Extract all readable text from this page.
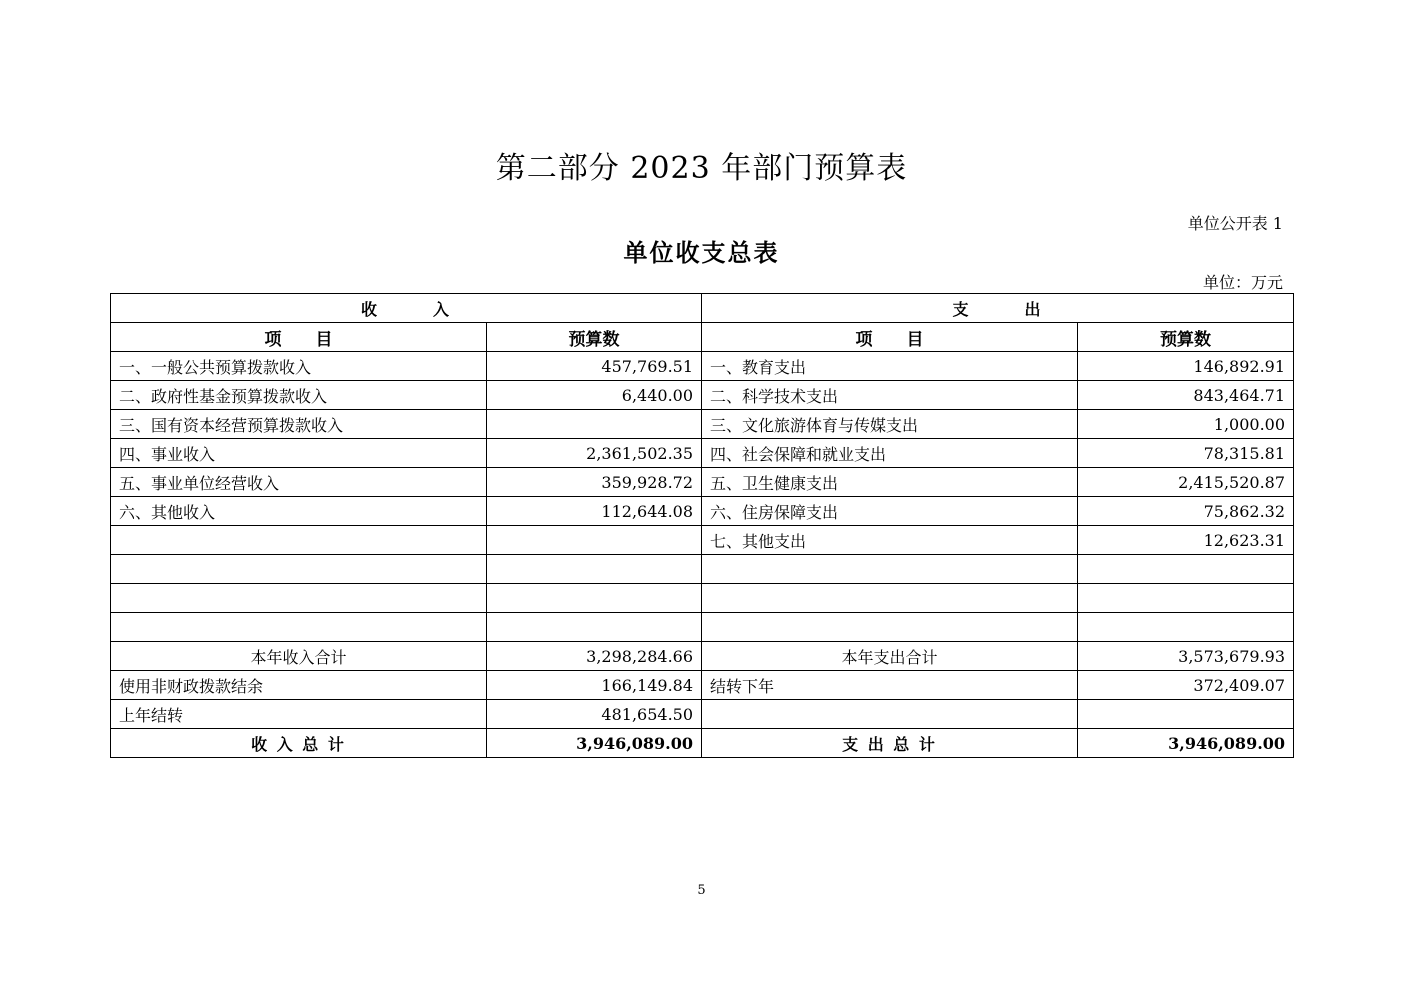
第二部分 2023 年部门预算表
单位公开表 1
单位收支总表
单位：万元
收　　　入		支　　　出	
项　　目	预算数	项　　目	预算数
一、一般公共预算拨款收入	457,769.51	一、教育支出	146,892.91
二、政府性基金预算拨款收入	6,440.00	二、科学技术支出	843,464.71
三、国有资本经营预算拨款收入		三、文化旅游体育与传媒支出	1,000.00
四、事业收入	2,361,502.35	四、社会保障和就业支出	78,315.81
五、事业单位经营收入	359,928.72	五、卫生健康支出	2,415,520.87
六、其他收入	112,644.08	六、住房保障支出	75,862.32
		七、其他支出	12,623.31

本年收入合计	3,298,284.66	本年支出合计	3,573,679.93
使用非财政拨款结余	166,149.84	结转下年	372,409.07
上年结转	481,654.50		
收 入 总 计	3,946,089.00	支 出 总 计	3,946,089.00
5
